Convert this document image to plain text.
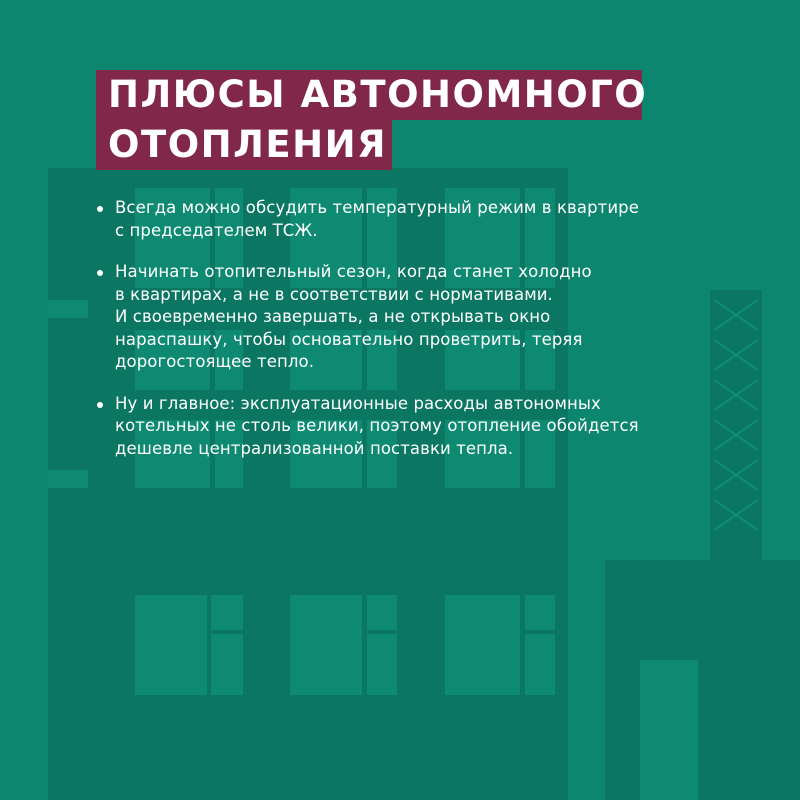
ПЛЮСЫ АВТОНОМНОГО
ОТОПЛЕНИЯ
Всегда можно обсудить температурный режим в квартире
с председателем ТСЖ.
Начинать отопительный сезон, когда станет холодно
в квартирах, а не в соответствии с нормативами.
И своевременно завершать, а не открывать окно
нараспашку, чтобы основательно проветрить, теряя
дорогостоящее тепло.
Ну и главное: эксплуатационные расходы автономных
котельных не столь велики, поэтому отопление обойдется
дешевле централизованной поставки тепла.
